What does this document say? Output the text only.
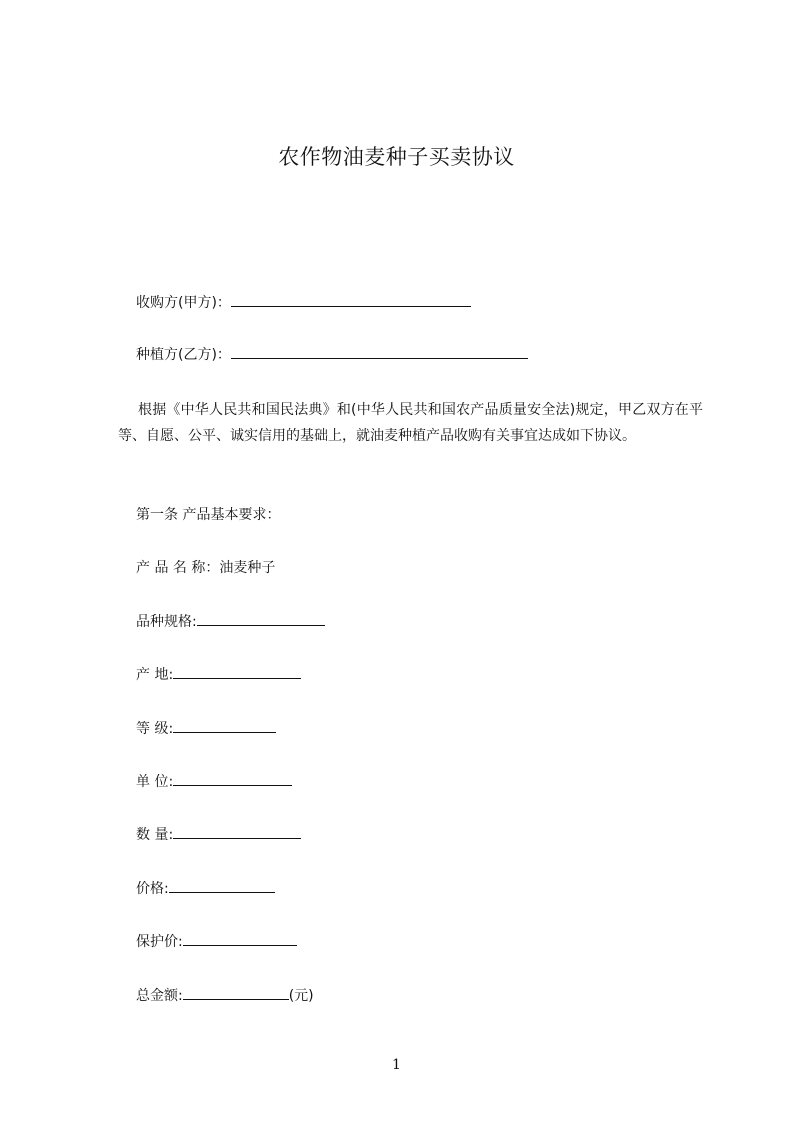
农作物油麦种子买卖协议
收购方(甲方)：
种植方(乙方)：
根据《中华人民共和国民法典》和(中华人民共和国农产品质量安全法)规定，甲乙双方在平等、自愿、公平、诚实信用的基础上，就油麦种植产品收购有关事宜达成如下协议。
第一条 产品基本要求：
产 品 名 称：油麦种子
品种规格:
产 地:
等 级:
单 位:
数 量:
价格:
保护价:
总金额:	(元)
1
